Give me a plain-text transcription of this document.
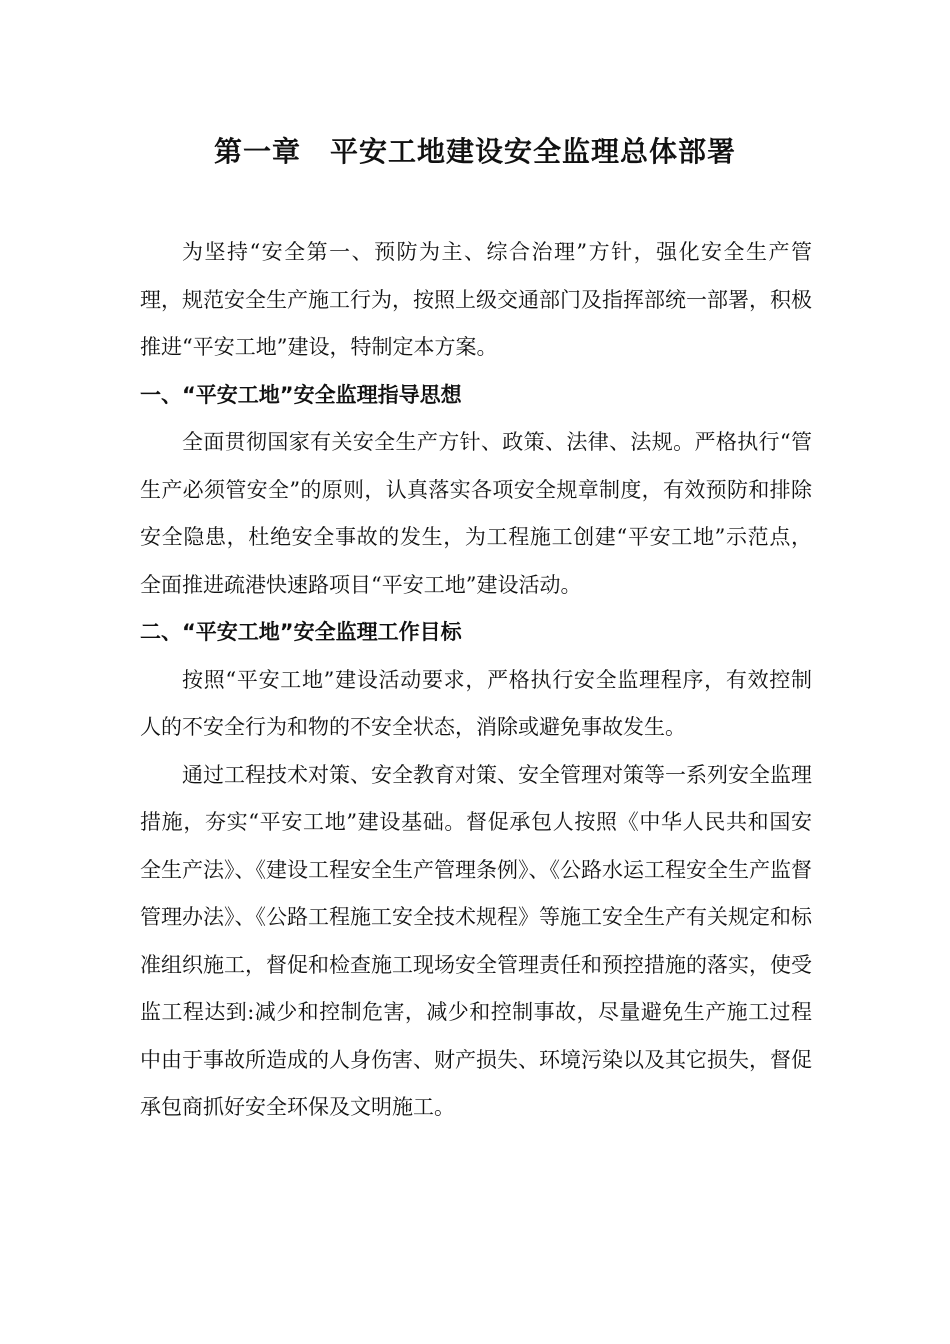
第一章　平安工地建设安全监理总体部署

为坚持“安全第一、预防为主、综合治理”方针，强化安全生产管理，规范安全生产施工行为，按照上级交通部门及指挥部统一部署，积极推进“平安工地”建设，特制定本方案。

一、“平安工地”安全监理指导思想

全面贯彻国家有关安全生产方针、政策、法律、法规。严格执行“管生产必须管安全”的原则，认真落实各项安全规章制度，有效预防和排除安全隐患，杜绝安全事故的发生，为工程施工创建“平安工地”示范点，全面推进疏港快速路项目“平安工地”建设活动。

二、“平安工地”安全监理工作目标

按照“平安工地”建设活动要求，严格执行安全监理程序，有效控制人的不安全行为和物的不安全状态，消除或避免事故发生。

通过工程技术对策、安全教育对策、安全管理对策等一系列安全监理措施，夯实“平安工地”建设基础。督促承包人按照《中华人民共和国安全生产法》、《建设工程安全生产管理条例》、《公路水运工程安全生产监督管理办法》、《公路工程施工安全技术规程》等施工安全生产有关规定和标准组织施工，督促和检查施工现场安全管理责任和预控措施的落实，使受监工程达到:减少和控制危害，减少和控制事故，尽量避免生产施工过程中由于事故所造成的人身伤害、财产损失、环境污染以及其它损失，督促承包商抓好安全环保及文明施工。
